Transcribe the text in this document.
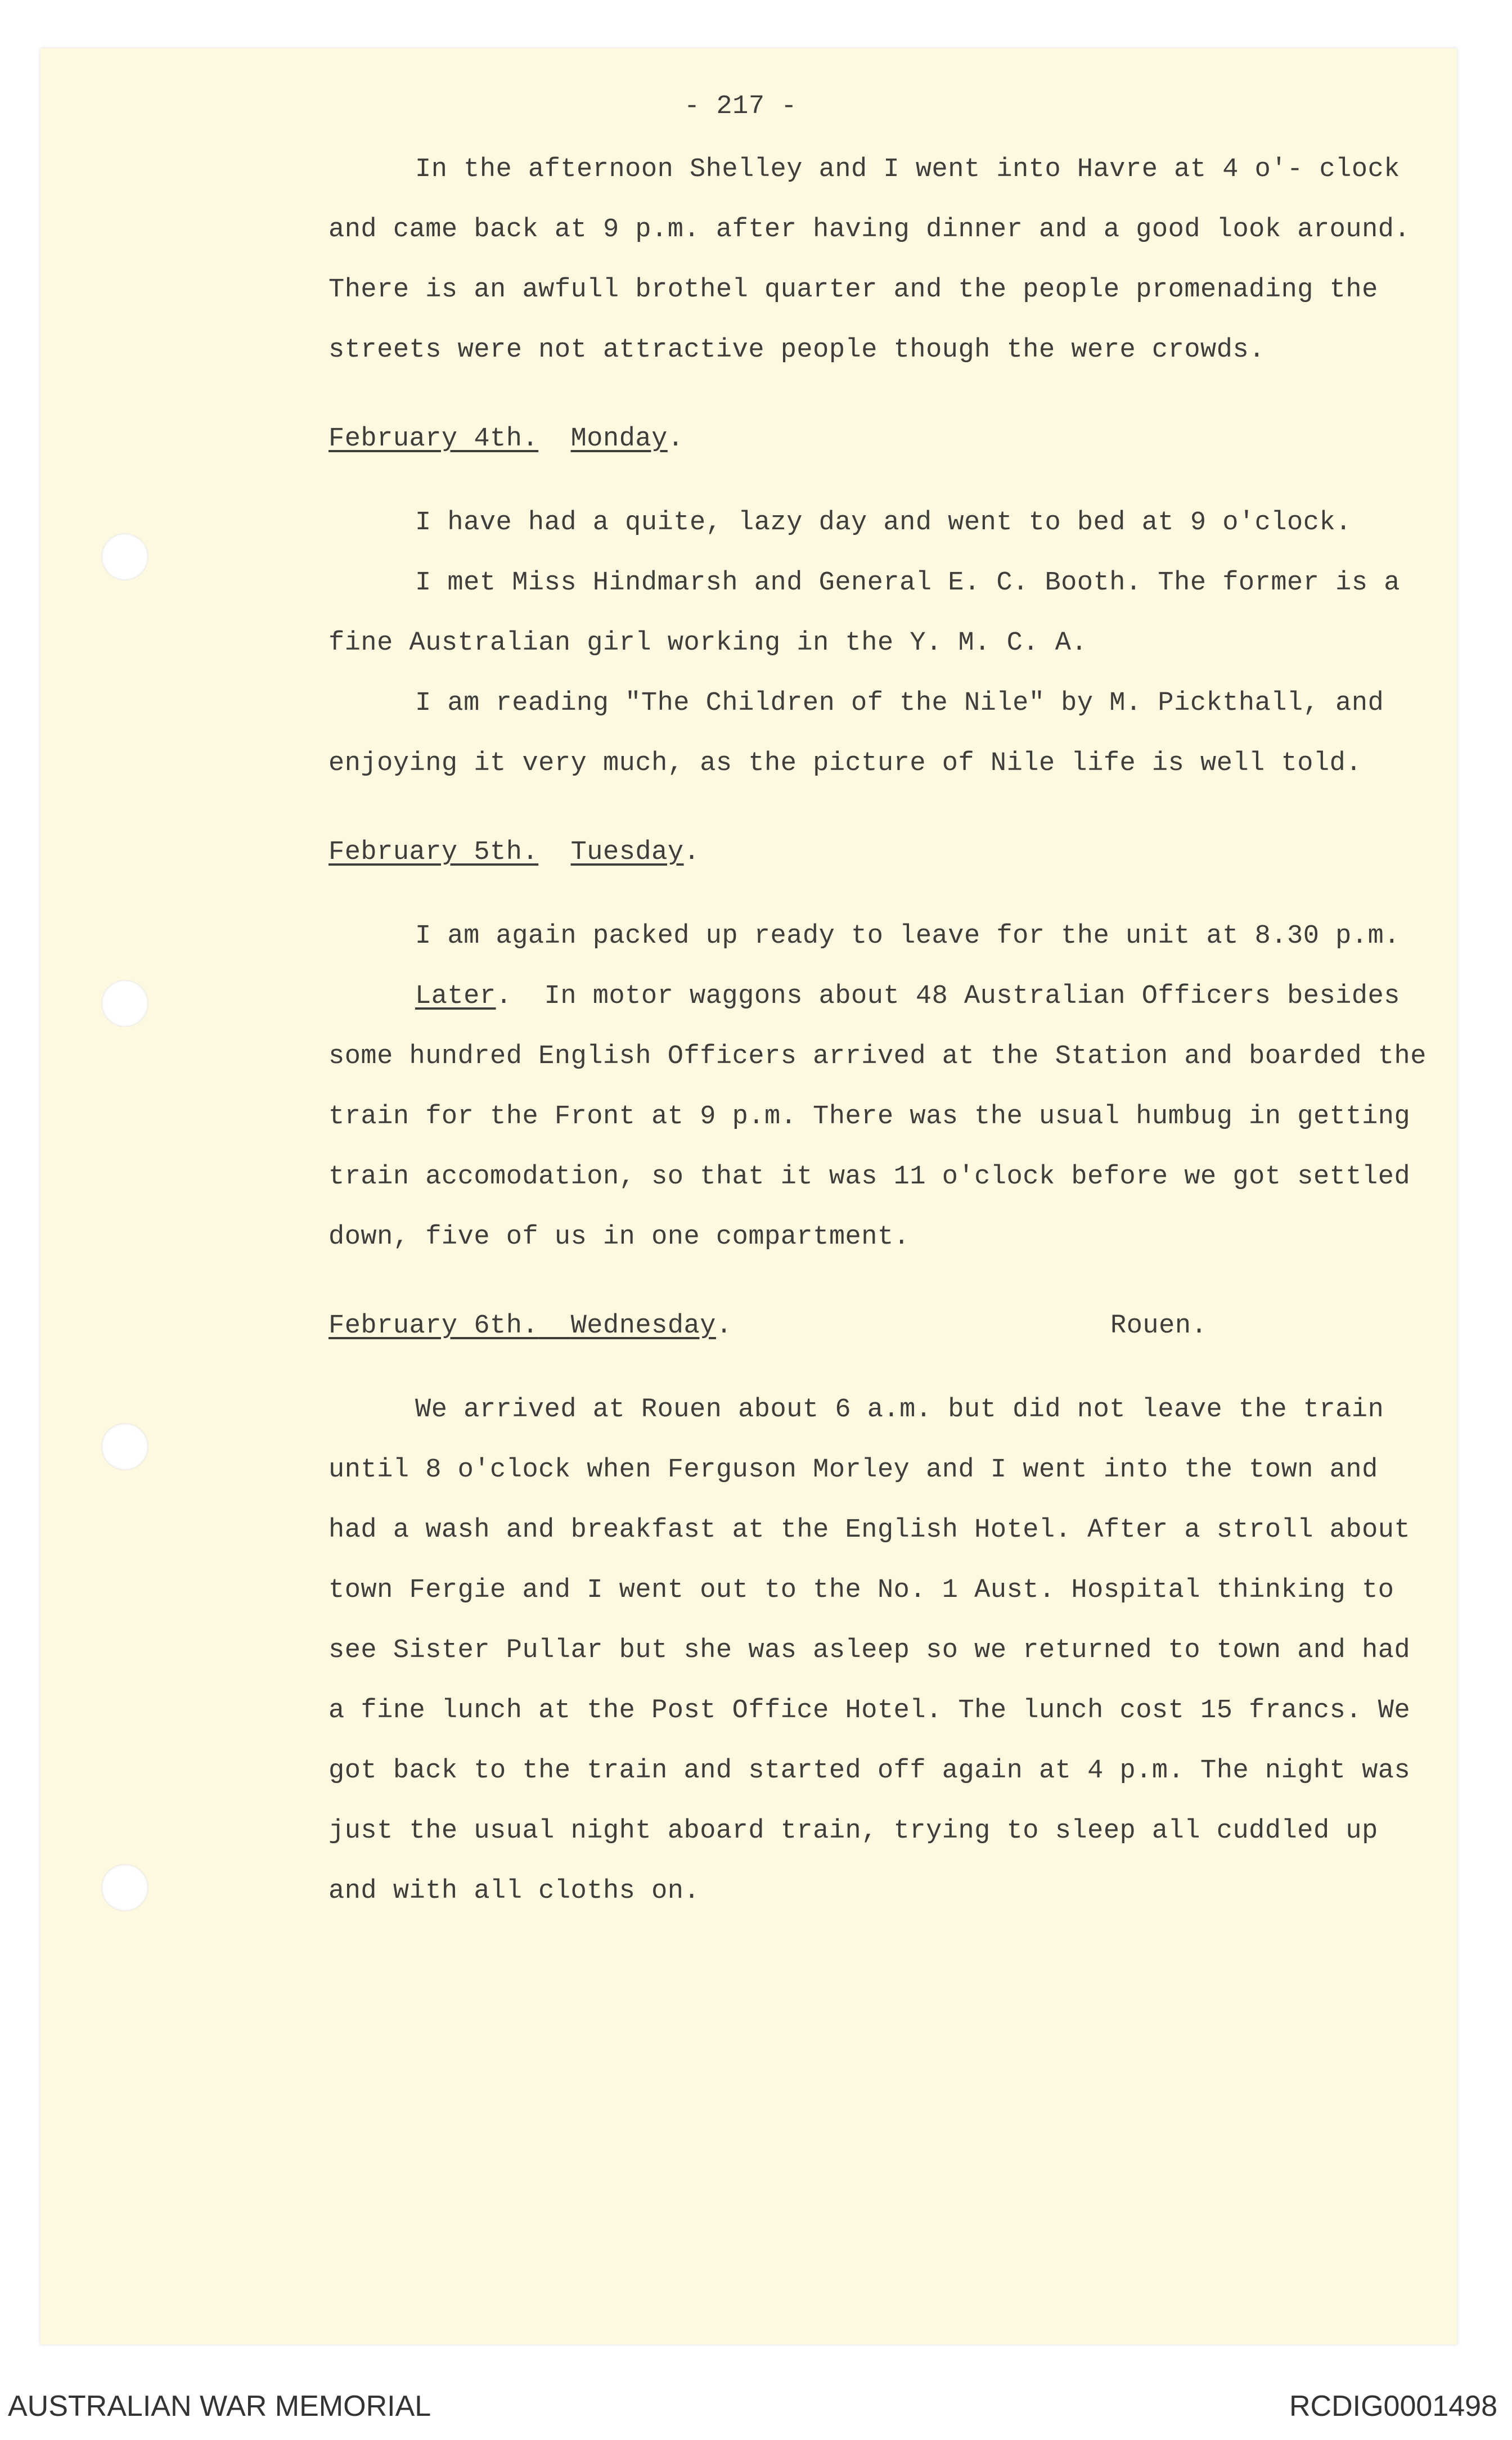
- 217 -

In the afternoon Shelley and I went into Havre at 4 o'- clock and came back at 9 p.m. after having dinner and a good look around. There is an awfull brothel quarter and the people promenading the streets were not attractive people though the were crowds.

February 4th. Monday.

I have had a quite, lazy day and went to bed at 9 o'clock.

I met Miss Hindmarsh and General E. C. Booth. The former is a fine Australian girl working in the Y. M. C. A.

I am reading "The Children of the Nile" by M. Pickthall, and enjoying it very much, as the picture of Nile life is well told.

February 5th. Tuesday.

I am again packed up ready to leave for the unit at 8.30 p.m.

Later.  In motor waggons about 48 Australian Officers besides some hundred English Officers arrived at the Station and boarded the train for the Front at 9 p.m. There was the usual humbug in getting train accomodation, so that it was 11 o'clock before we got settled down, five of us in one compartment.

February 6th. Wednesday.	Rouen.

We arrived at Rouen about 6 a.m. but did not leave the train until 8 o'clock when Ferguson Morley and I went into the town and had a wash and breakfast at the English Hotel. After a stroll about town Fergie and I went out to the No. 1 Aust. Hospital thinking to see Sister Pullar but she was asleep so we returned to town and had a fine lunch at the Post Office Hotel. The lunch cost 15 francs. We got back to the train and started off again at 4 p.m. The night was just the usual night aboard train, trying to sleep all cuddled up and with all cloths on.

AUSTRALIAN WAR MEMORIAL	RCDIG0001498
